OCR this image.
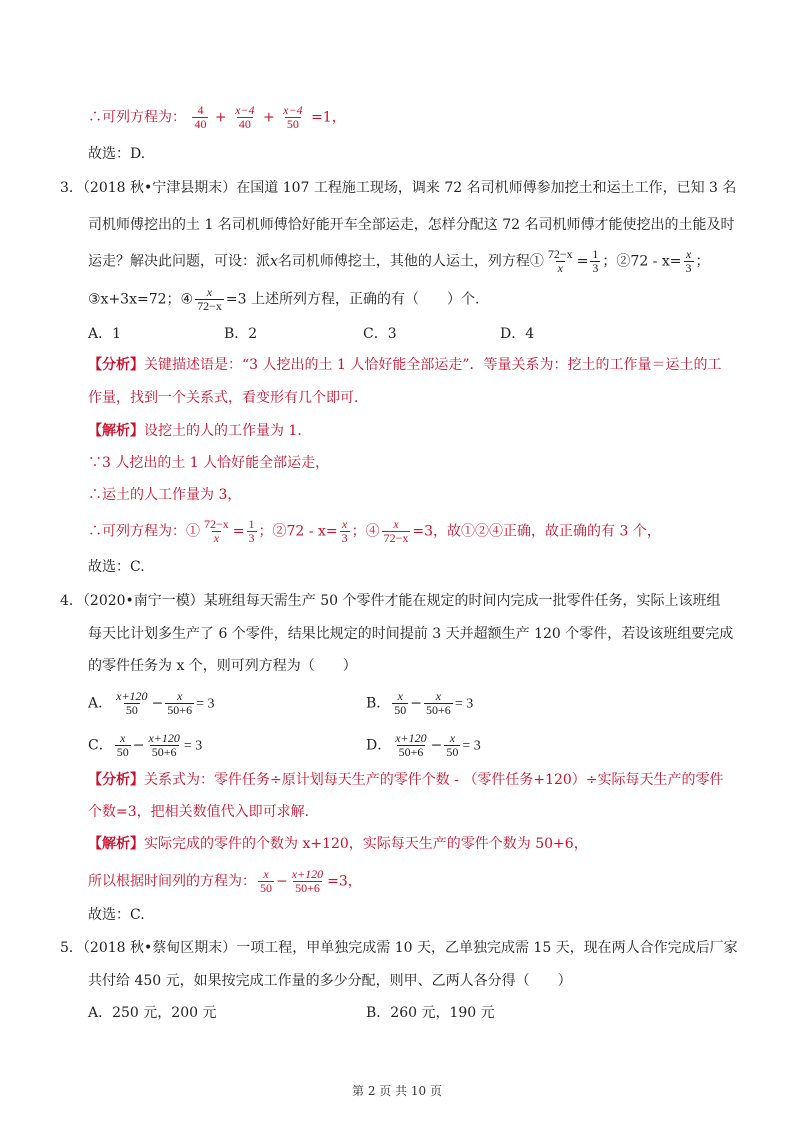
∴可列方程为： $\frac{4}{40} + \frac{x-4}{40} + \frac{x-4}{50} =1$，
故选：D.
3．（2018 秋•宁津县期末）在国道 107 工程施工现场，调来 72 名司机师傅参加挖土和运土工作，已知 3 名
司机师傅挖出的土 1 名司机师傅恰好能开车全部运走，怎样分配这 72 名司机师傅才能使挖出的土能及时
运走？解决此问题，可设：派x名司机师傅挖土，其他的人运土，列方程① $\frac{72-x}{x} = \frac{1}{3}$ ；②72 - $x= \frac{x}{3}$ ；
③x+3x=72；④ $\frac{x}{72-x} =3$ 上述所列方程，正确的有（　　）个.
A．1	B．2	C．3	D．4
【分析】关键描述语是：“3 人挖出的土 1 人恰好能全部运走”．等量关系为：挖土的工作量＝运土的工
作量，找到一个关系式，看变形有几个即可．
【解析】设挖土的人的工作量为 1．
∵3 人挖出的土 1 人恰好能全部运走，
∴运土的人工作量为 3，
∴可列方程为：① $\frac{72-x}{x} = \frac{1}{3}$ ；②72 - $x= \frac{x}{3}$ ；④ $\frac{x}{72-x} =3$，故①②④正确，故正确的有 3 个，
故选：C.
4．（2020•南宁一模）某班组每天需生产 50 个零件才能在规定的时间内完成一批零件任务，实际上该班组
每天比计划多生产了 6 个零件，结果比规定的时间提前 3 天并超额生产 120 个零件，若设该班组要完成
的零件任务为 x 个，则可列方程为（　　）
A． $\frac{x+120}{50} - \frac{x}{50+6} = 3$	B． $\frac{x}{50} - \frac{x}{50+6} = 3$
C． $\frac{x}{50} - \frac{x+120}{50+6} = 3$	D． $\frac{x+120}{50+6} - \frac{x}{50} = 3$
【分析】关系式为：零件任务÷原计划每天生产的零件个数 - （零件任务+120）÷实际每天生产的零件
个数=3，把相关数值代入即可求解．
【解析】实际完成的零件的个数为 x+120，实际每天生产的零件个数为 50+6，
所以根据时间列的方程为： $\frac{x}{50} - \frac{x+120}{50+6} =3$，
故选：C.
5．（2018 秋•蔡甸区期末）一项工程，甲单独完成需 10 天，乙单独完成需 15 天，现在两人合作完成后厂家
共付给 450 元，如果按完成工作量的多少分配，则甲、乙两人各分得（　　）
A．250 元，200 元	B．260 元，190 元
第 2 页 共 10 页
